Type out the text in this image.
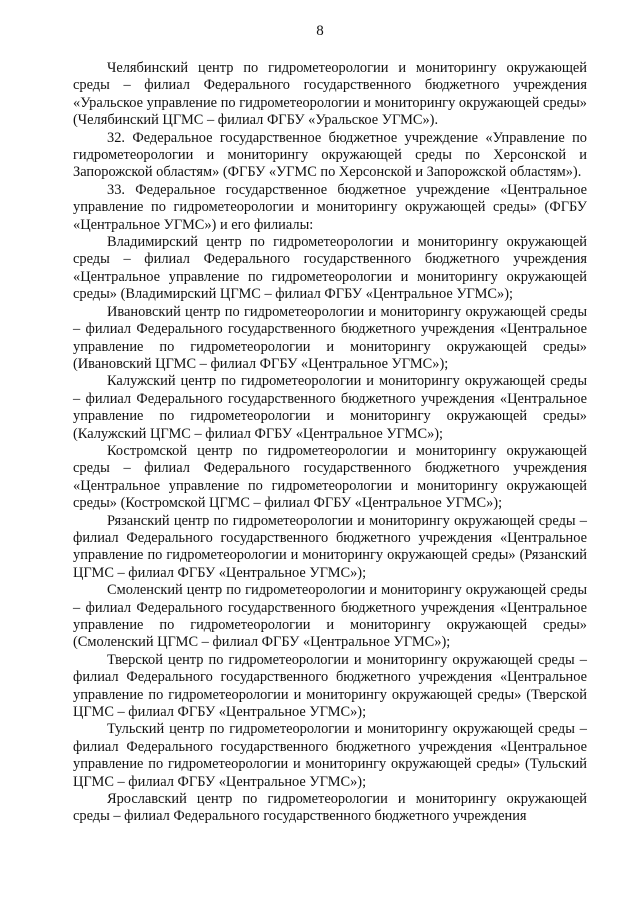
8

Челябинский центр по гидрометеорологии и мониторингу окружающей среды – филиал Федерального государственного бюджетного учреждения «Уральское управление по гидрометеорологии и мониторингу окружающей среды» (Челябинский ЦГМС – филиал ФГБУ «Уральское УГМС»).

32. Федеральное государственное бюджетное учреждение «Управление по гидрометеорологии и мониторингу окружающей среды по Херсонской и Запорожской областям» (ФГБУ «УГМС по Херсонской и Запорожской областям»).

33. Федеральное государственное бюджетное учреждение «Центральное управление по гидрометеорологии и мониторингу окружающей среды» (ФГБУ «Центральное УГМС») и его филиалы:

Владимирский центр по гидрометеорологии и мониторингу окружающей среды – филиал Федерального государственного бюджетного учреждения «Центральное управление по гидрометеорологии и мониторингу окружающей среды» (Владимирский ЦГМС – филиал ФГБУ «Центральное УГМС»);

Ивановский центр по гидрометеорологии и мониторингу окружающей среды – филиал Федерального государственного бюджетного учреждения «Центральное управление по гидрометеорологии и мониторингу окружающей среды» (Ивановский ЦГМС – филиал ФГБУ «Центральное УГМС»);

Калужский центр по гидрометеорологии и мониторингу окружающей среды – филиал Федерального государственного бюджетного учреждения «Центральное управление по гидрометеорологии и мониторингу окружающей среды» (Калужский ЦГМС – филиал ФГБУ «Центральное УГМС»);

Костромской центр по гидрометеорологии и мониторингу окружающей среды – филиал Федерального государственного бюджетного учреждения «Центральное управление по гидрометеорологии и мониторингу окружающей среды» (Костромской ЦГМС – филиал ФГБУ «Центральное УГМС»);

Рязанский центр по гидрометеорологии и мониторингу окружающей среды – филиал Федерального государственного бюджетного учреждения «Центральное управление по гидрометеорологии и мониторингу окружающей среды» (Рязанский ЦГМС – филиал ФГБУ «Центральное УГМС»);

Смоленский центр по гидрометеорологии и мониторингу окружающей среды – филиал Федерального государственного бюджетного учреждения «Центральное управление по гидрометеорологии и мониторингу окружающей среды» (Смоленский ЦГМС – филиал ФГБУ «Центральное УГМС»);

Тверской центр по гидрометеорологии и мониторингу окружающей среды – филиал Федерального государственного бюджетного учреждения «Центральное управление по гидрометеорологии и мониторингу окружающей среды» (Тверской ЦГМС – филиал ФГБУ «Центральное УГМС»);

Тульский центр по гидрометеорологии и мониторингу окружающей среды – филиал Федерального государственного бюджетного учреждения «Центральное управление по гидрометеорологии и мониторингу окружающей среды» (Тульский ЦГМС – филиал ФГБУ «Центральное УГМС»);

Ярославский центр по гидрометеорологии и мониторингу окружающей среды – филиал Федерального государственного бюджетного учреждения
